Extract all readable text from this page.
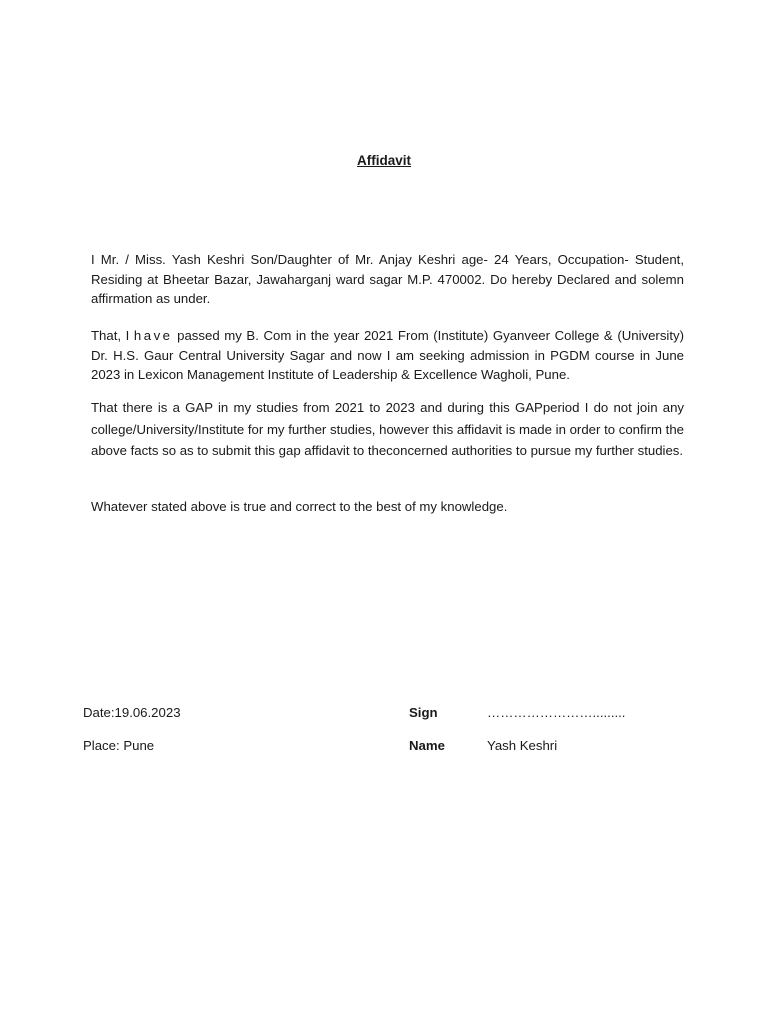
Affidavit

I Mr. / Miss. Yash Keshri Son/Daughter of Mr. Anjay Keshri age- 24 Years, Occupation- Student, Residing at Bheetar Bazar, Jawaharganj ward sagar M.P. 470002. Do hereby Declared and solemn affirmation as under.

That, I have passed my B. Com in the year 2021 From (Institute) Gyanveer College & (University) Dr. H.S. Gaur Central University Sagar and now I am seeking admission in PGDM course in June 2023 in Lexicon Management Institute of Leadership & Excellence Wagholi, Pune.

That there is a GAP in my studies from 2021 to 2023 and during this GAPperiod I do not join any college/University/Institute for my further studies, however this affidavit is made in order to confirm the above facts so as to submit this gap affidavit to theconcerned authorities to pursue my further studies.

Whatever stated above is true and correct to the best of my knowledge.

Date:19.06.2023
Place: Pune
Sign	…………………….........
Name	Yash Keshri
